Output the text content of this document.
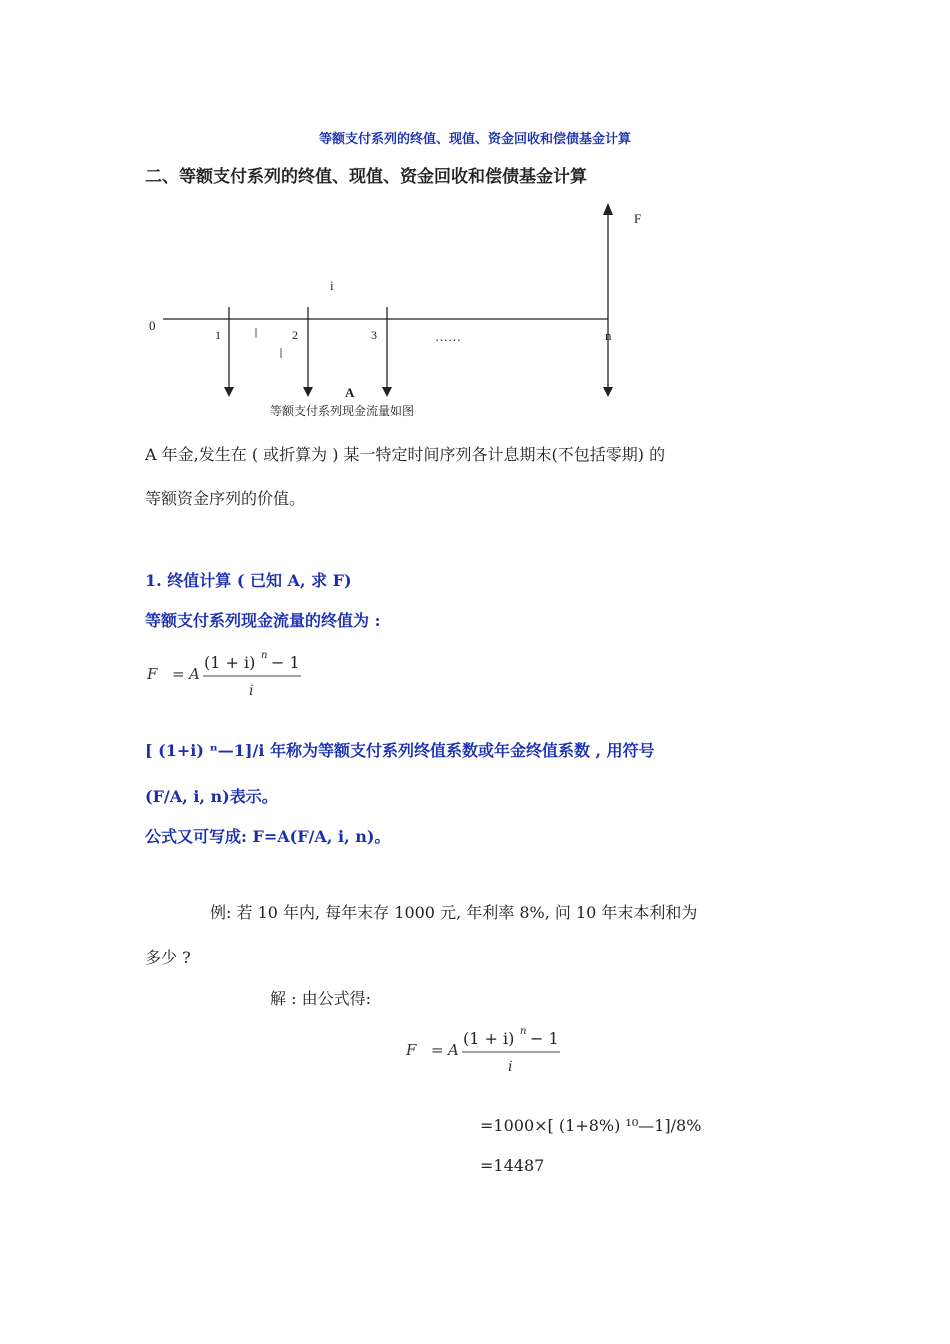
等额支付系列的终值、现值、资金回收和偿债基金计算
二、等额支付系列的终值、现值、资金回收和偿债基金计算
F
i
0
1	2	3	……	n
A
等额支付系列现金流量如图
A 年金,发生在 ( 或折算为 ) 某一特定时间序列各计息期末(不包括零期) 的
等额资金序列的价值。
1. 终值计算 ( 已知 A, 求 F)
等额支付系列现金流量的终值为 :
F = A
(1 + i) n − 1
i
[ (1+i) ⁿ—1]/i 年称为等额支付系列终值系数或年金终值系数 , 用符号
(F/A, i, n)表示。
公式又可写成: F=A(F/A, i, n)。
例: 若 10 年内, 每年末存 1000 元, 年利率 8%, 问 10 年末本利和为
多少 ?
解 : 由公式得:
F = A
(1 + i) n − 1
i
=1000×[ (1+8%) ¹⁰—1]/8%
=14487
